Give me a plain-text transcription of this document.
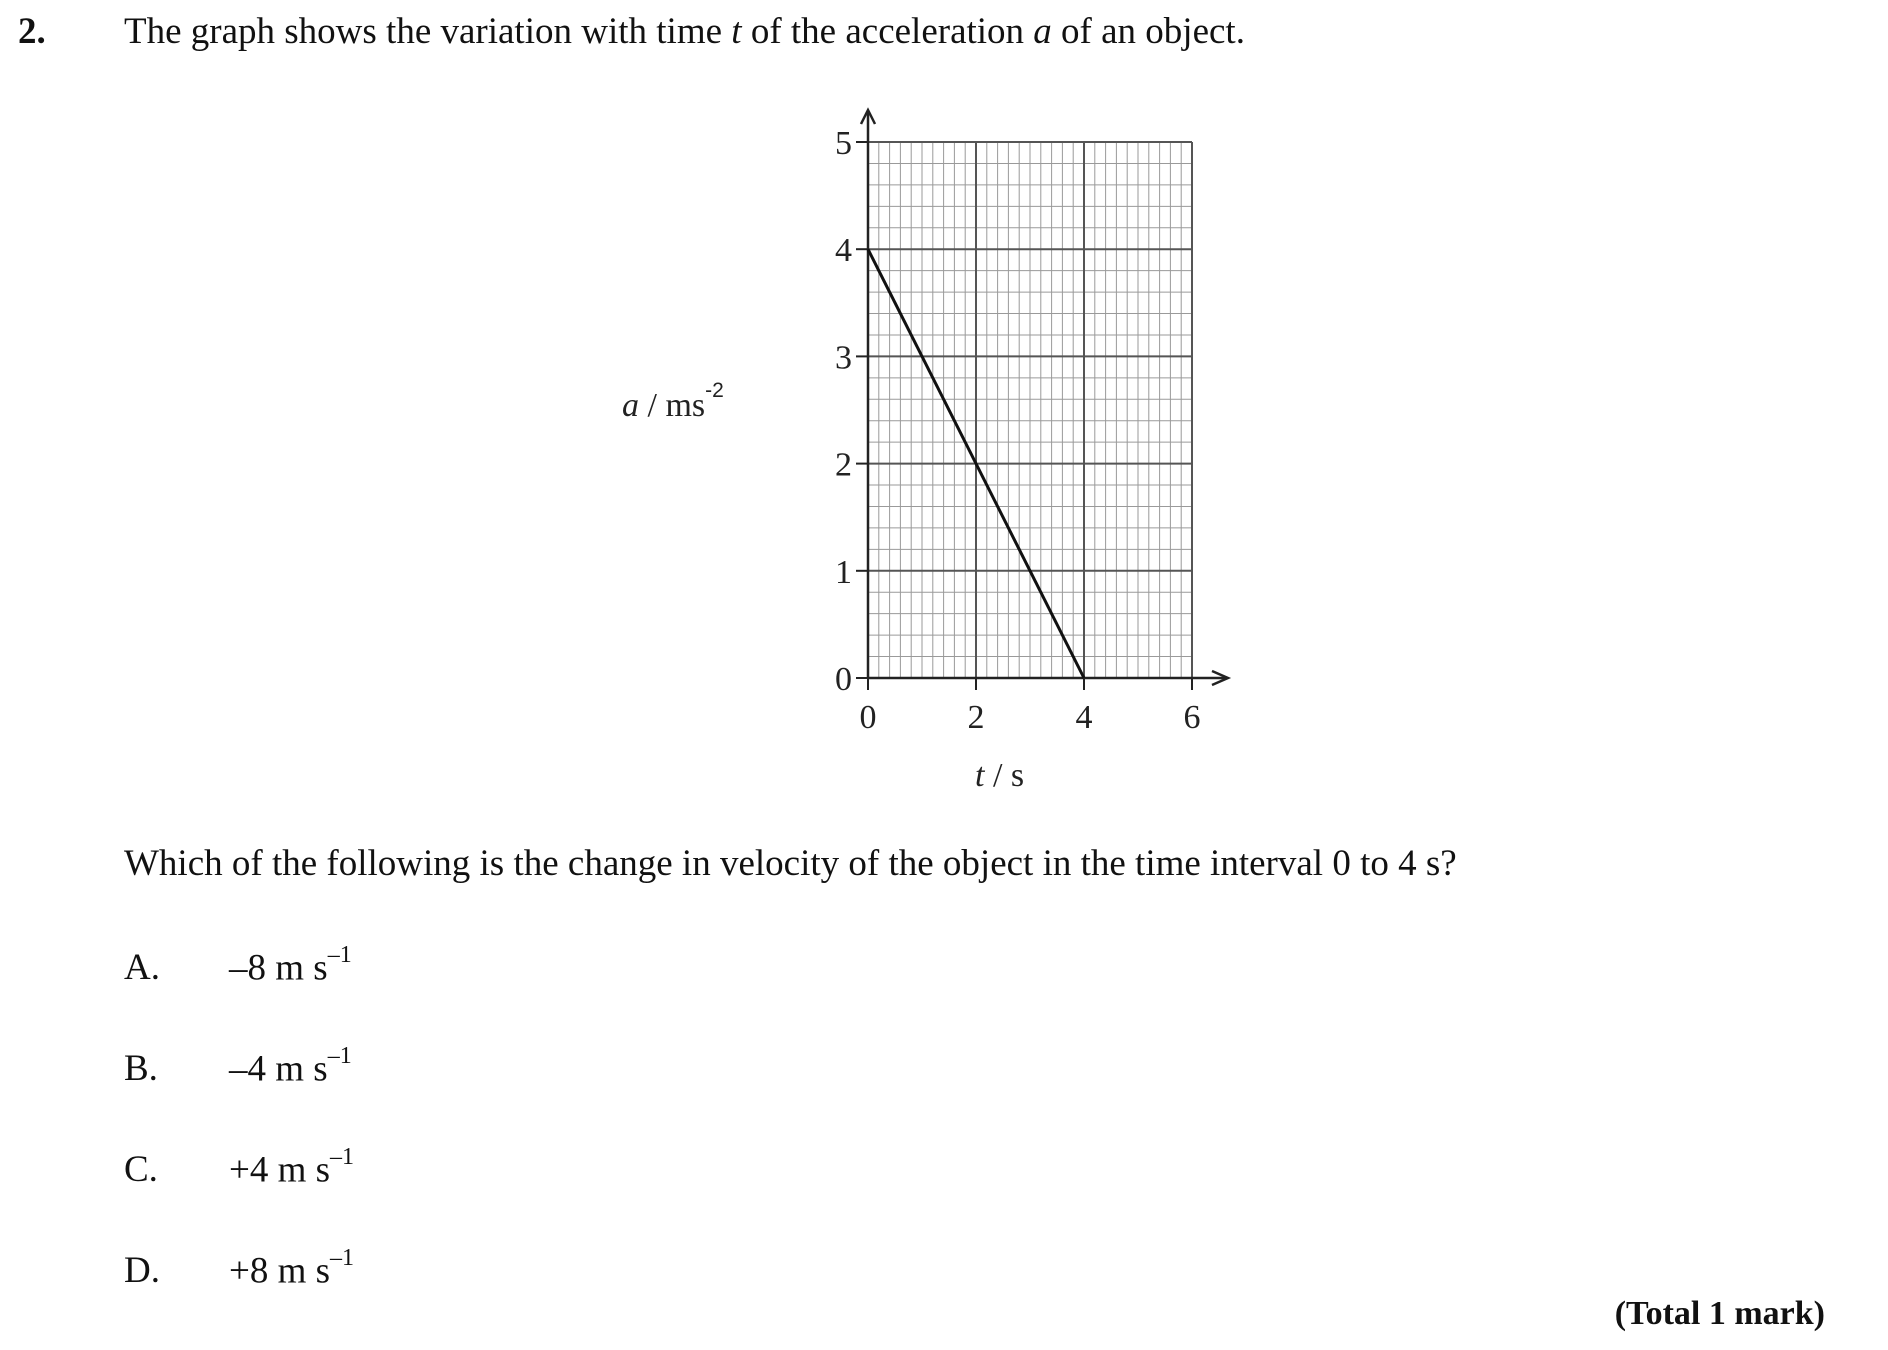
2. The graph shows the variation with time t of the acceleration a of an object.
0
1
2
3
4
5
0	2	4	6
a / $ms^{-2}$
t / s
Which of the following is the change in velocity of the object in the time interval 0 to 4 s?
A. –8 m $s^{-1}$
B. –4 m $s^{-1}$
C. +4 m $s^{-1}$
D. +8 m $s^{-1}$
(Total 1 mark)
